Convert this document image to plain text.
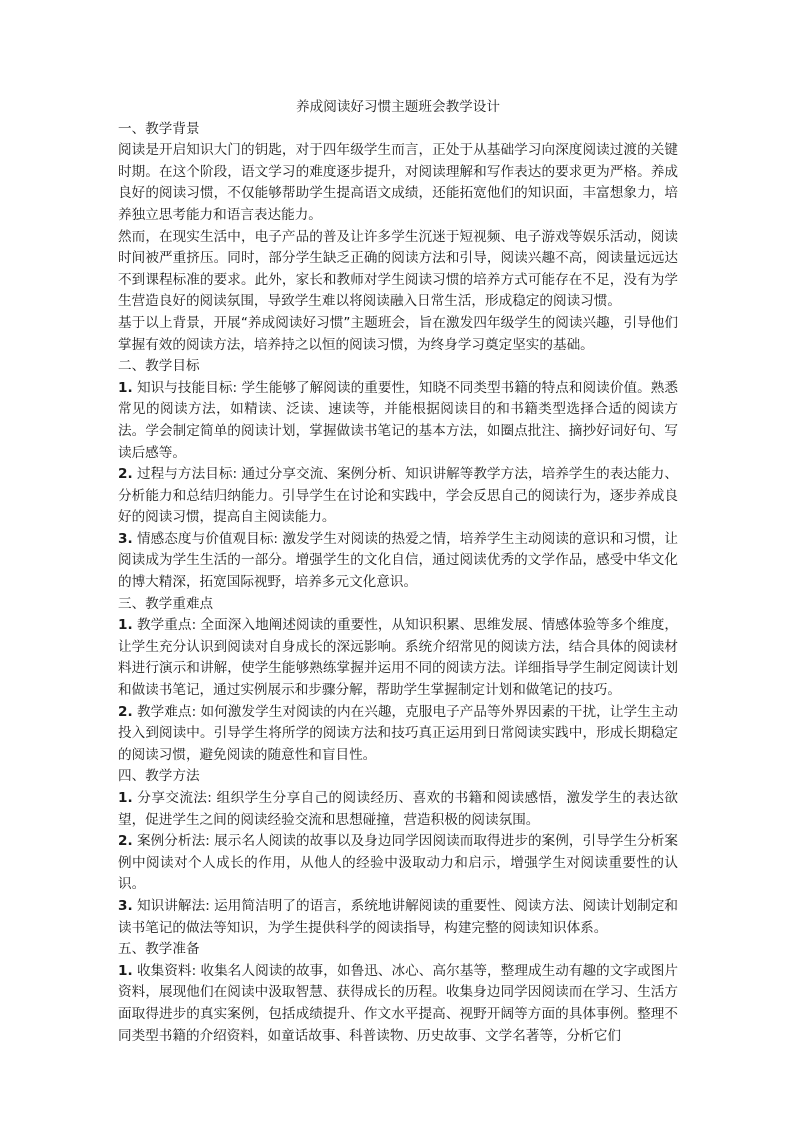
养成阅读好习惯主题班会教学设计

一、教学背景

阅读是开启知识大门的钥匙，对于四年级学生而言，正处于从基础学习向深度阅读过渡的关键时期。在这个阶段，语文学习的难度逐步提升，对阅读理解和写作表达的要求更为严格。养成良好的阅读习惯，不仅能够帮助学生提高语文成绩，还能拓宽他们的知识面，丰富想象力，培养独立思考能力和语言表达能力。

然而，在现实生活中，电子产品的普及让许多学生沉迷于短视频、电子游戏等娱乐活动，阅读时间被严重挤压。同时，部分学生缺乏正确的阅读方法和引导，阅读兴趣不高，阅读量远远达不到课程标准的要求。此外，家长和教师对学生阅读习惯的培养方式可能存在不足，没有为学生营造良好的阅读氛围，导致学生难以将阅读融入日常生活，形成稳定的阅读习惯。

基于以上背景，开展“养成阅读好习惯”主题班会，旨在激发四年级学生的阅读兴趣，引导他们掌握有效的阅读方法，培养持之以恒的阅读习惯，为终身学习奠定坚实的基础。

二、教学目标

1. 知识与技能目标: 学生能够了解阅读的重要性，知晓不同类型书籍的特点和阅读价值。熟悉常见的阅读方法，如精读、泛读、速读等，并能根据阅读目的和书籍类型选择合适的阅读方法。学会制定简单的阅读计划，掌握做读书笔记的基本方法，如圈点批注、摘抄好词好句、写读后感等。

2. 过程与方法目标: 通过分享交流、案例分析、知识讲解等教学方法，培养学生的表达能力、分析能力和总结归纳能力。引导学生在讨论和实践中，学会反思自己的阅读行为，逐步养成良好的阅读习惯，提高自主阅读能力。

3. 情感态度与价值观目标: 激发学生对阅读的热爱之情，培养学生主动阅读的意识和习惯，让阅读成为学生生活的一部分。增强学生的文化自信，通过阅读优秀的文学作品，感受中华文化的博大精深，拓宽国际视野，培养多元文化意识。

三、教学重难点

1. 教学重点: 全面深入地阐述阅读的重要性，从知识积累、思维发展、情感体验等多个维度，让学生充分认识到阅读对自身成长的深远影响。系统介绍常见的阅读方法，结合具体的阅读材料进行演示和讲解，使学生能够熟练掌握并运用不同的阅读方法。详细指导学生制定阅读计划和做读书笔记，通过实例展示和步骤分解，帮助学生掌握制定计划和做笔记的技巧。

2. 教学难点: 如何激发学生对阅读的内在兴趣，克服电子产品等外界因素的干扰，让学生主动投入到阅读中。引导学生将所学的阅读方法和技巧真正运用到日常阅读实践中，形成长期稳定的阅读习惯，避免阅读的随意性和盲目性。

四、教学方法

1. 分享交流法: 组织学生分享自己的阅读经历、喜欢的书籍和阅读感悟，激发学生的表达欲望，促进学生之间的阅读经验交流和思想碰撞，营造积极的阅读氛围。

2. 案例分析法: 展示名人阅读的故事以及身边同学因阅读而取得进步的案例，引导学生分析案例中阅读对个人成长的作用，从他人的经验中汲取动力和启示，增强学生对阅读重要性的认识。

3. 知识讲解法: 运用简洁明了的语言，系统地讲解阅读的重要性、阅读方法、阅读计划制定和读书笔记的做法等知识，为学生提供科学的阅读指导，构建完整的阅读知识体系。

五、教学准备

1. 收集资料: 收集名人阅读的故事，如鲁迅、冰心、高尔基等，整理成生动有趣的文字或图片资料，展现他们在阅读中汲取智慧、获得成长的历程。收集身边同学因阅读而在学习、生活方面取得进步的真实案例，包括成绩提升、作文水平提高、视野开阔等方面的具体事例。整理不同类型书籍的介绍资料，如童话故事、科普读物、历史故事、文学名著等，分析它们
